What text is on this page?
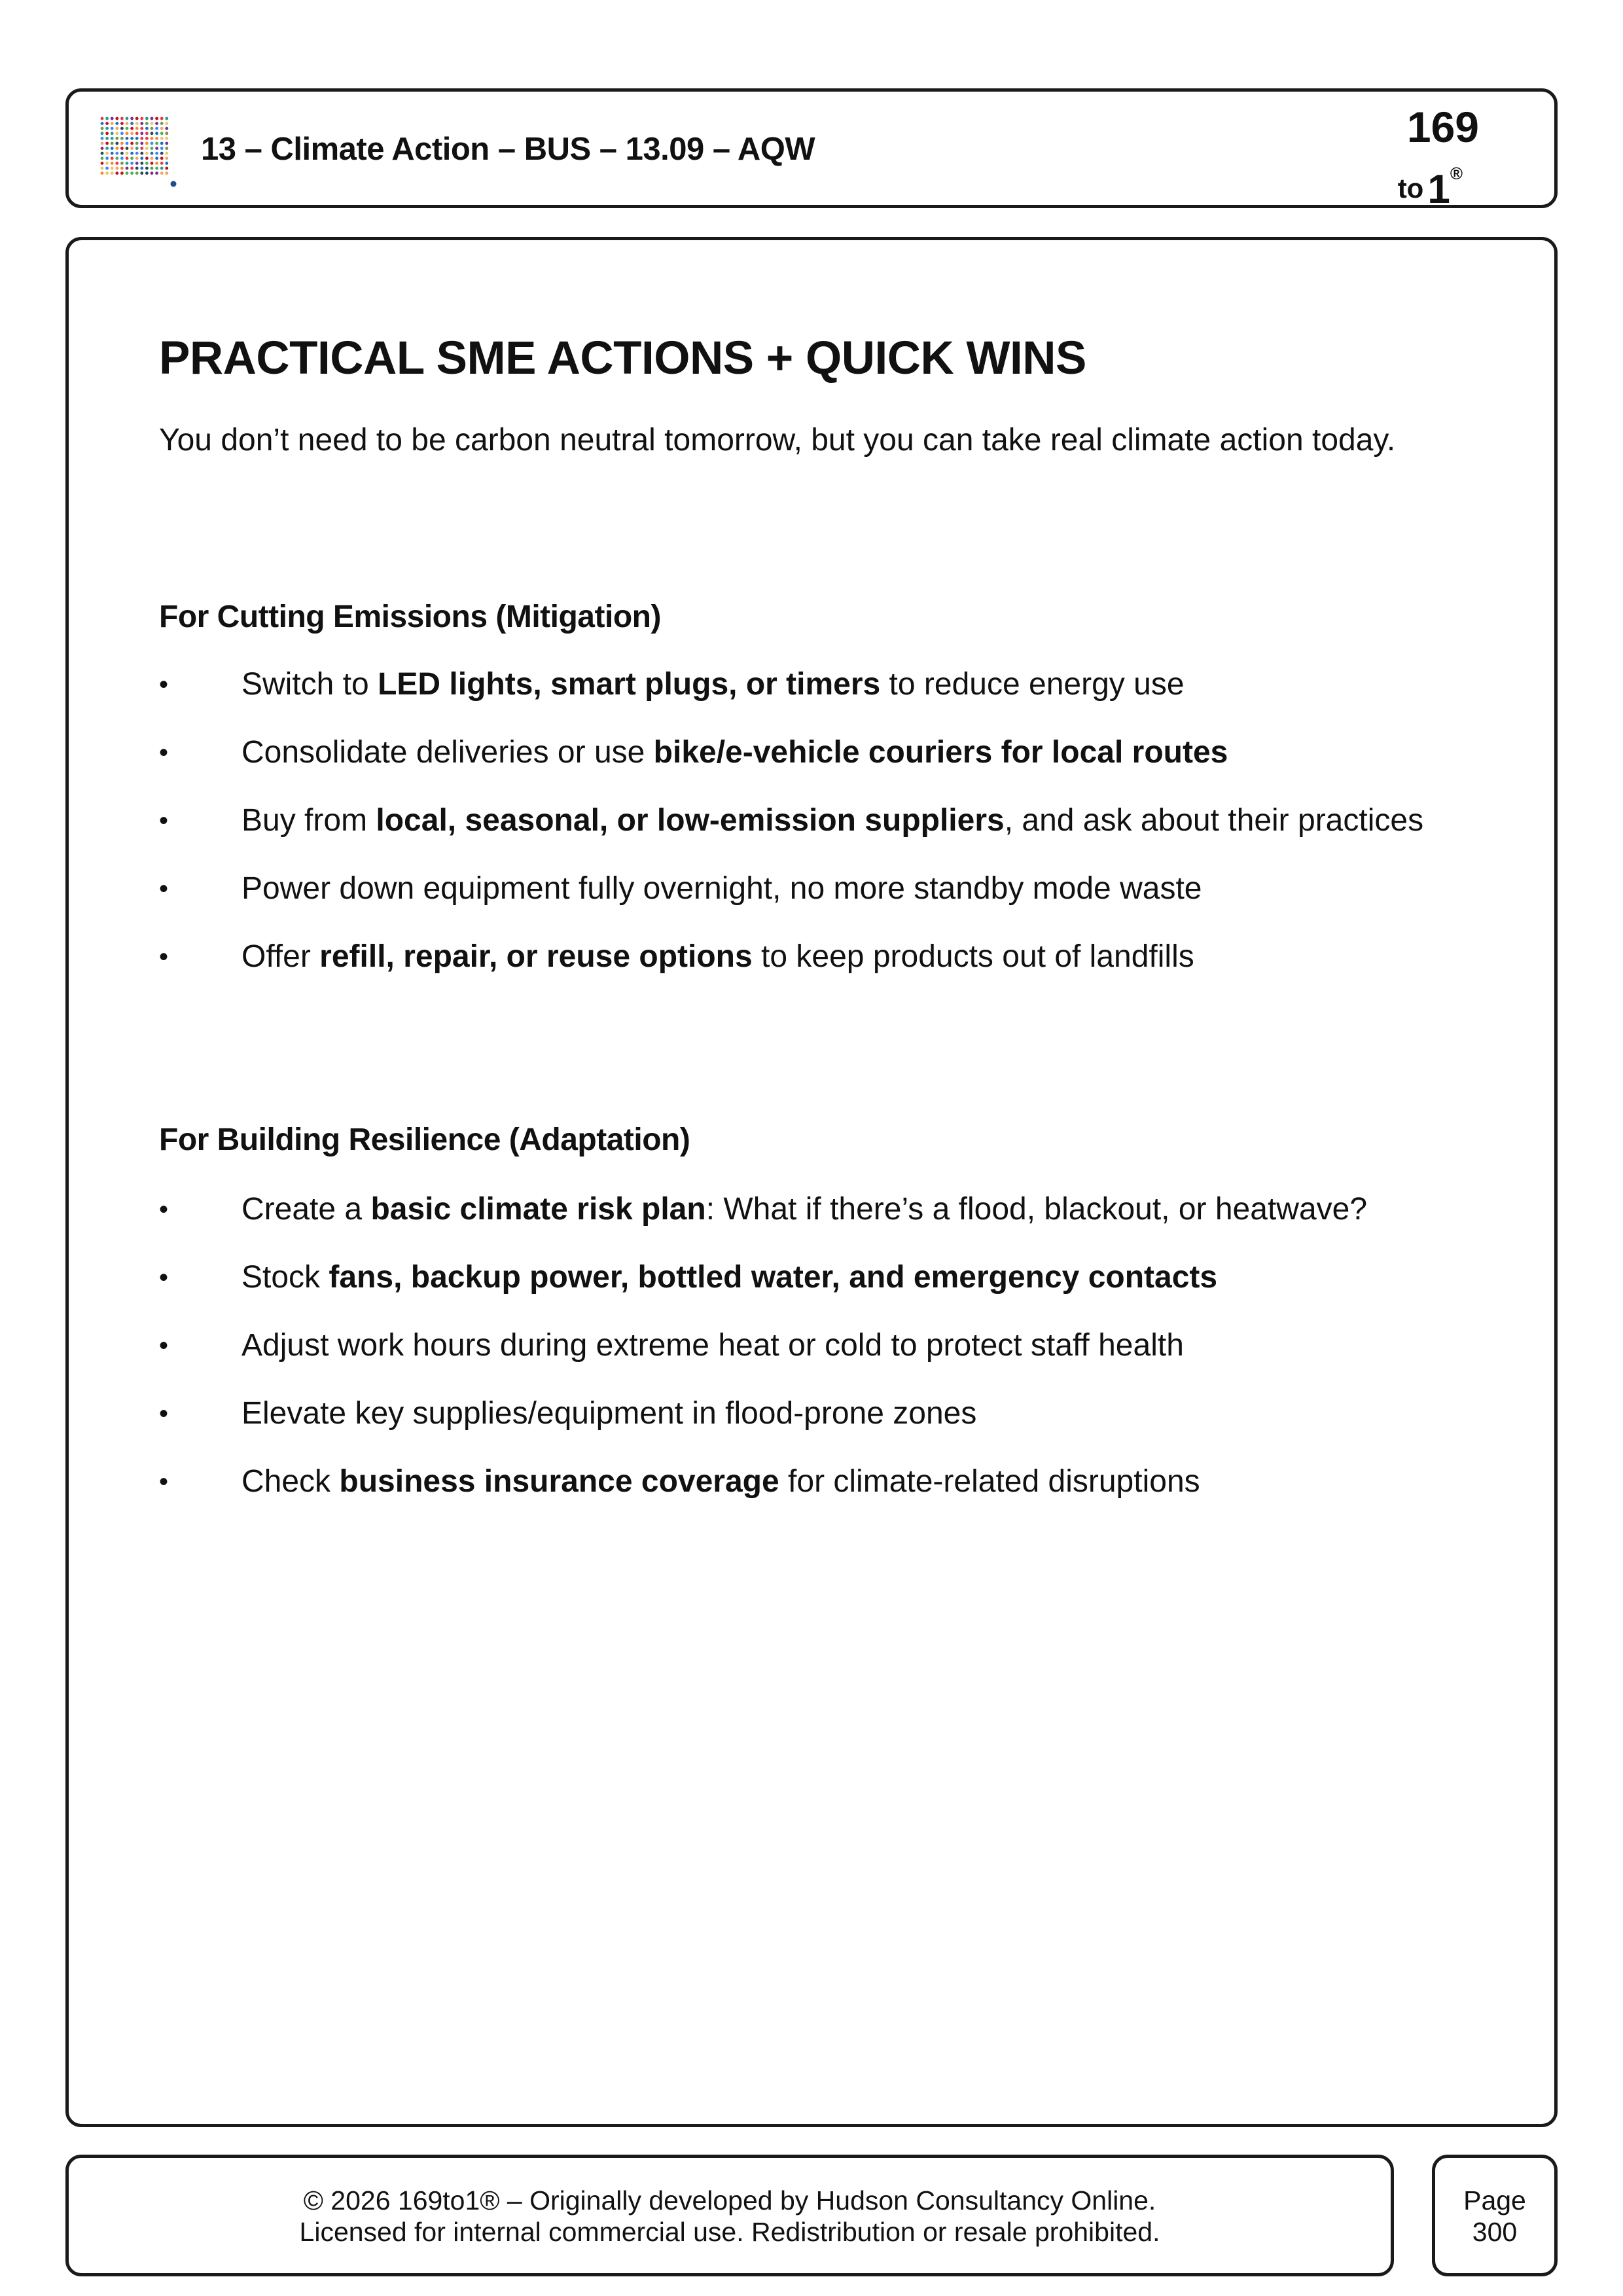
13 – Climate Action – BUS – 13.09 – AQW	169
to1®
PRACTICAL SME ACTIONS + QUICK WINS

You don’t need to be carbon neutral tomorrow, but you can take real climate action today.

For Cutting Emissions (Mitigation)
• Switch to LED lights, smart plugs, or timers to reduce energy use
• Consolidate deliveries or use bike/e-vehicle couriers for local routes
• Buy from local, seasonal, or low-emission suppliers, and ask about their practices
• Power down equipment fully overnight, no more standby mode waste
• Offer refill, repair, or reuse options to keep products out of landfills
For Building Resilience (Adaptation)
• Create a basic climate risk plan: What if there’s a flood, blackout, or heatwave?
• Stock fans, backup power, bottled water, and emergency contacts
• Adjust work hours during extreme heat or cold to protect staff health
• Elevate key supplies/equipment in flood-prone zones
• Check business insurance coverage for climate-related disruptions
© 2026 169to1® – Originally developed by Hudson Consultancy Online.
Licensed for internal commercial use. Redistribution or resale prohibited.
Page
300
